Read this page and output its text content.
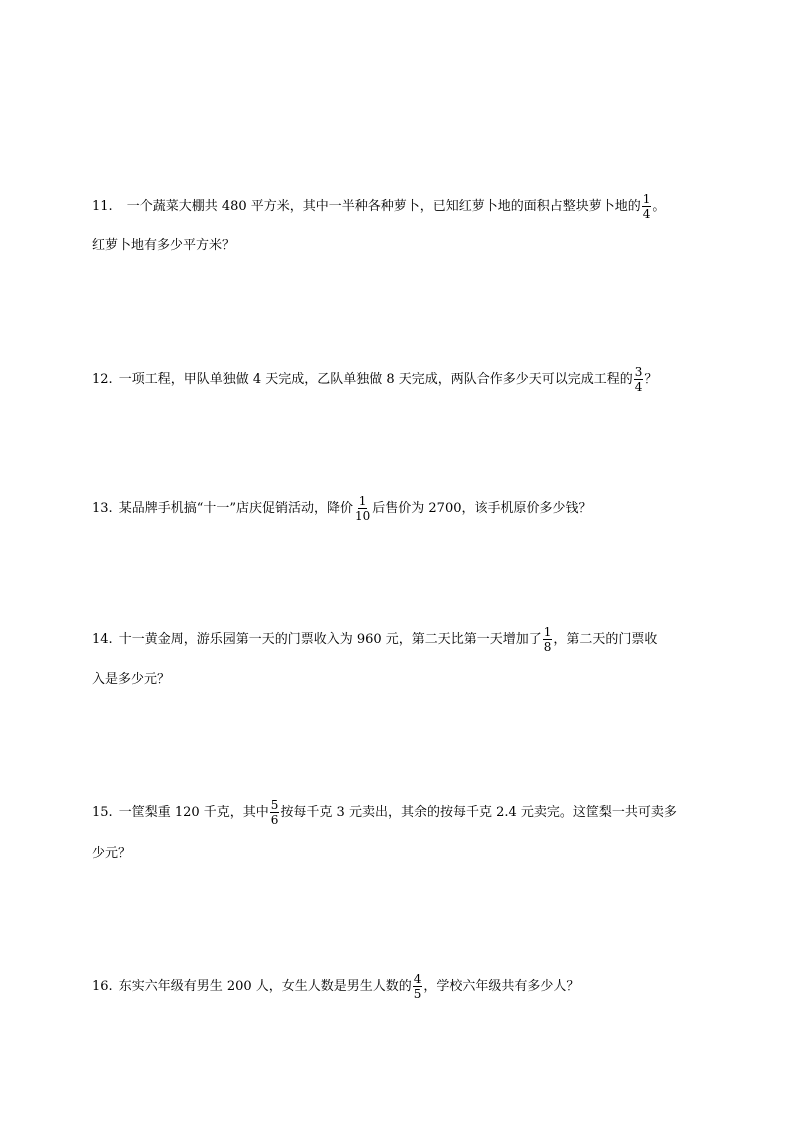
11. 一个蔬菜大棚共 480 平方米，其中一半种各种萝卜，已知红萝卜地的面积占整块萝卜地的 $\frac{1}{4}$ 。
红萝卜地有多少平方米？
12. 一项工程，甲队单独做 4 天完成，乙队单独做 8 天完成，两队合作多少天可以完成工程的 $\frac{3}{4}$ ？
13. 某品牌手机搞“十一”店庆促销活动，降价 $\frac{1}{10}$ 后售价为 2700，该手机原价多少钱？
14. 十一黄金周，游乐园第一天的门票收入为 960 元，第二天比第一天增加了 $\frac{1}{8}$ ，第二天的门票收
入是多少元？
15. 一筐梨重 120 千克，其中 $\frac{5}{6}$ 按每千克 3 元卖出，其余的按每千克 2.4 元卖完。这筐梨一共可卖多
少元？
16. 东实六年级有男生 200 人，女生人数是男生人数的 $\frac{4}{5}$ ，学校六年级共有多少人？
